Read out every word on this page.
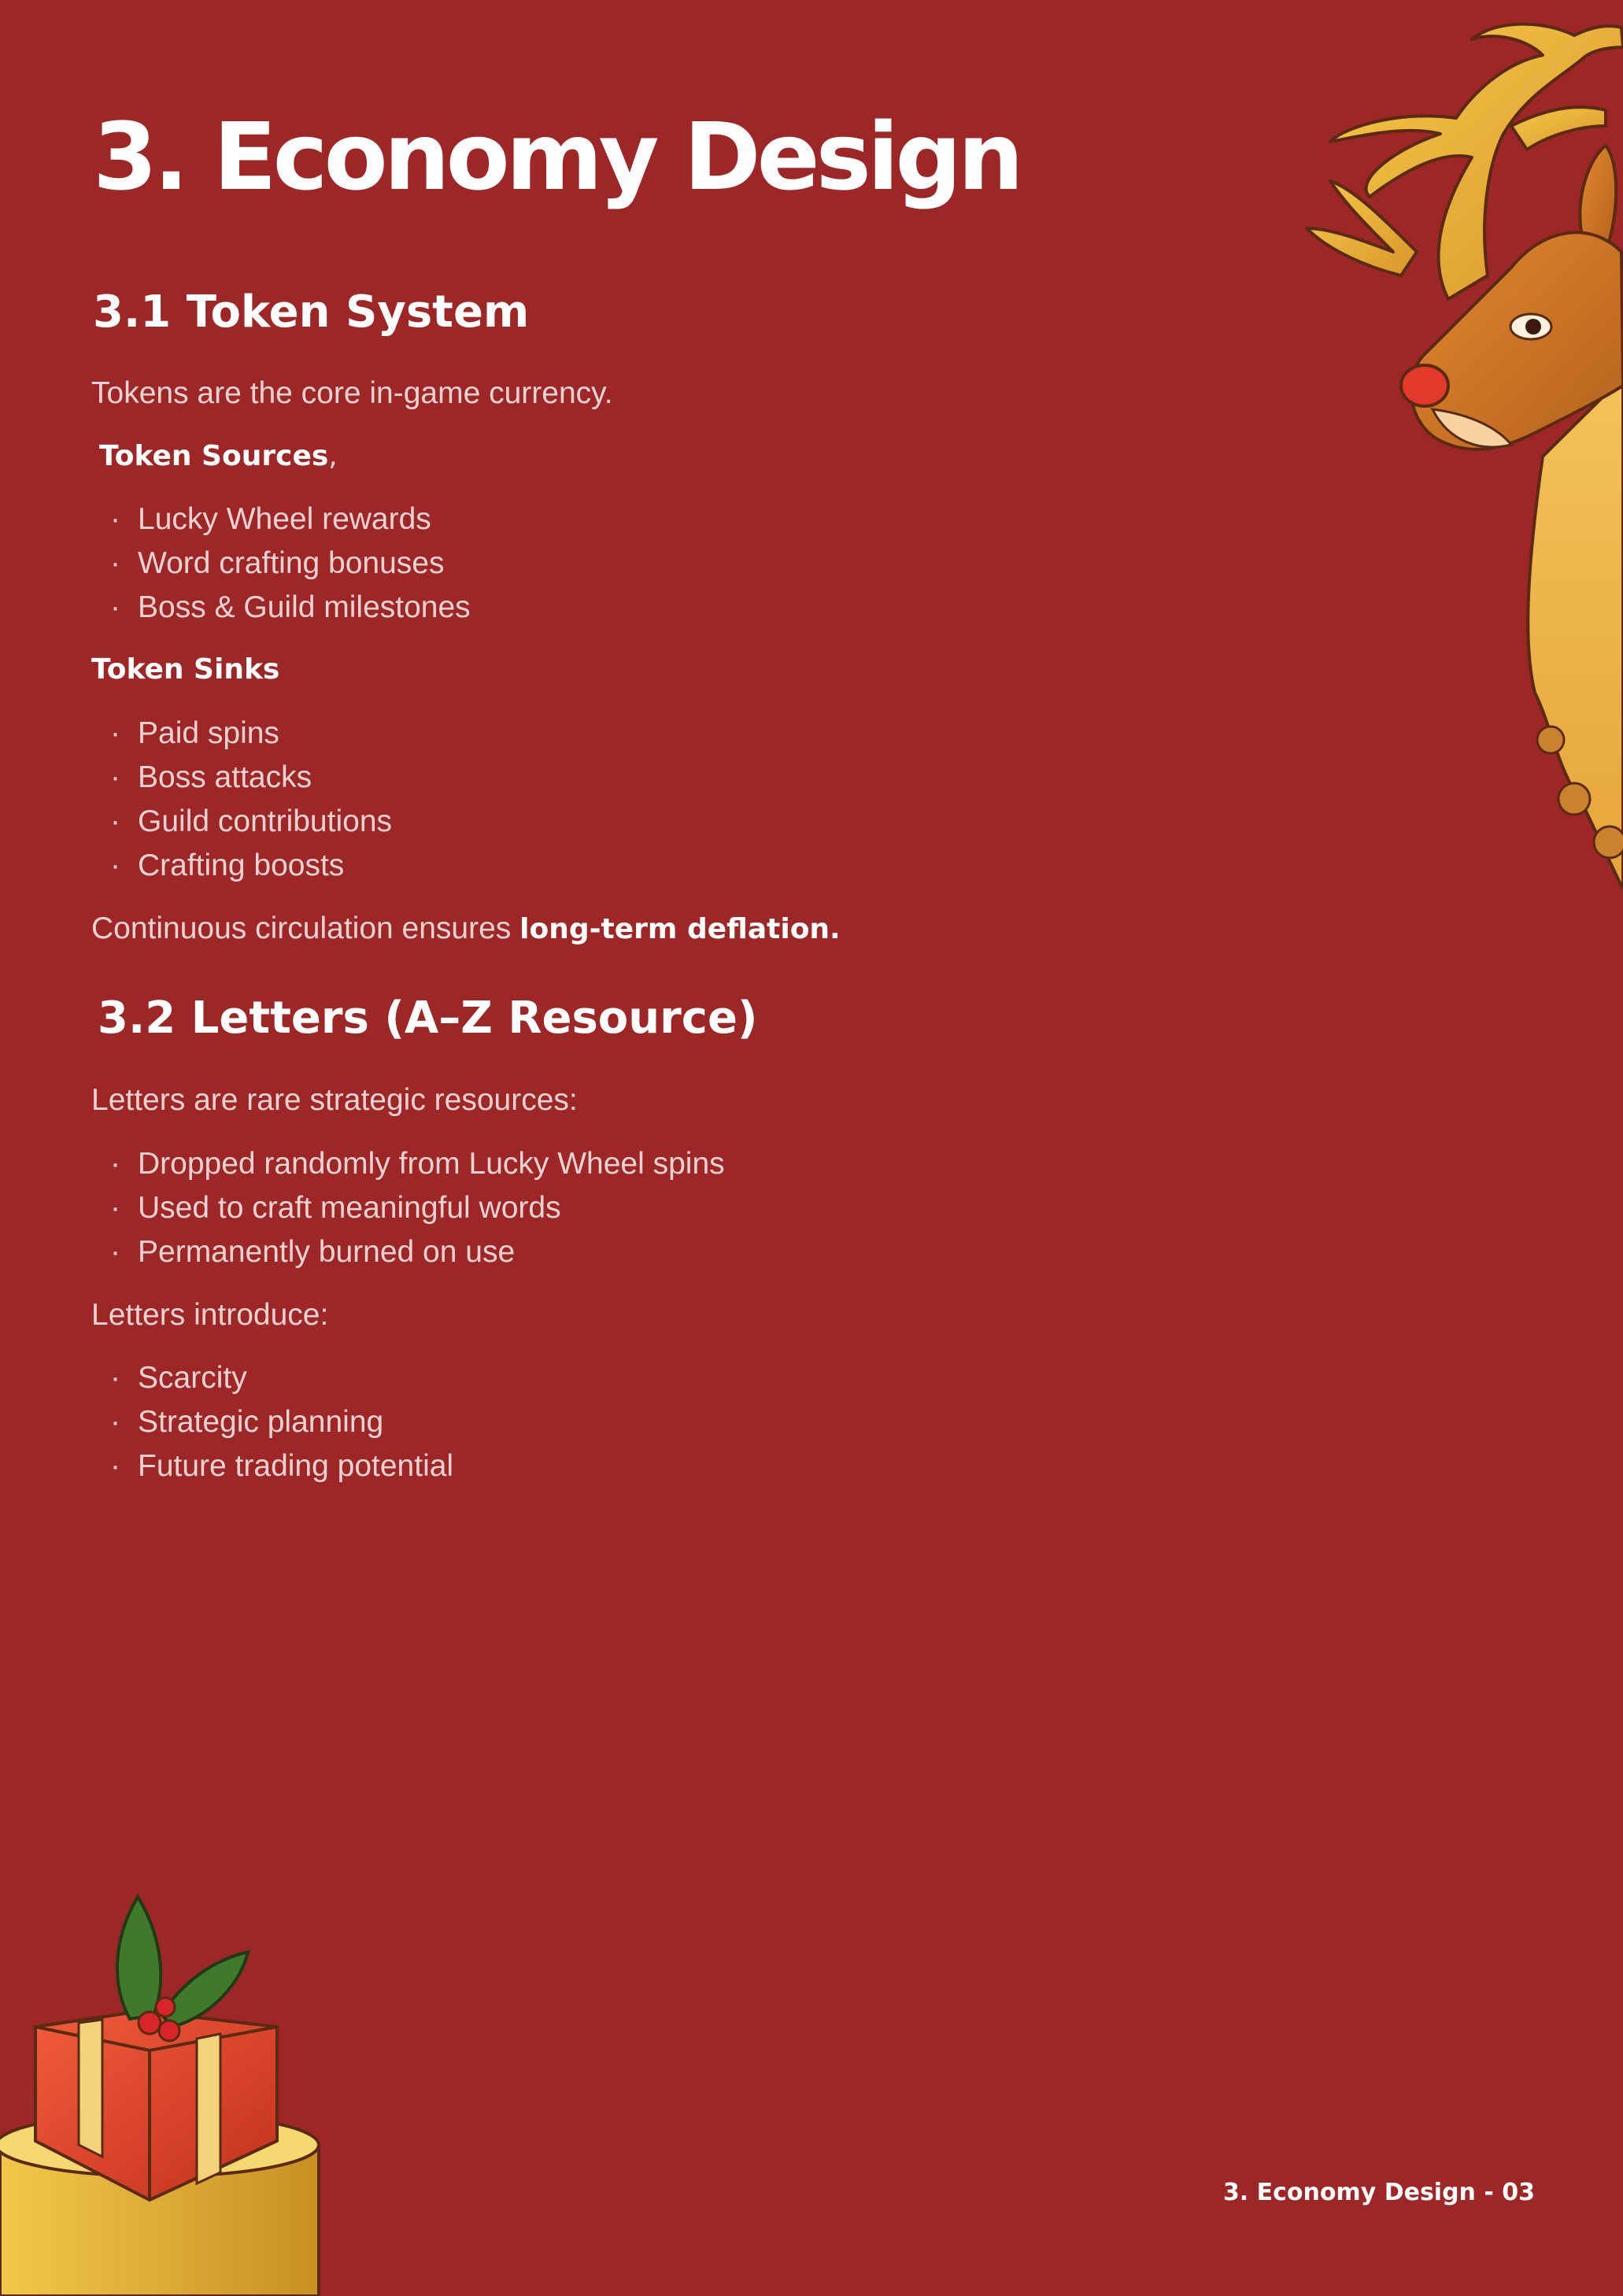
3. Economy Design
3.1 Token System

Tokens are the core in-game currency.

Token Sources,

· Lucky Wheel rewards
· Word crafting bonuses
· Boss & Guild milestones

Token Sinks

· Paid spins
· Boss attacks
· Guild contributions
· Crafting boosts

Continuous circulation ensures long-term deflation.

3.2 Letters (A–Z Resource)

Letters are rare strategic resources:

· Dropped randomly from Lucky Wheel spins
· Used to craft meaningful words
· Permanently burned on use

Letters introduce:

· Scarcity
· Strategic planning
· Future trading potential

3. Economy Design - 03
